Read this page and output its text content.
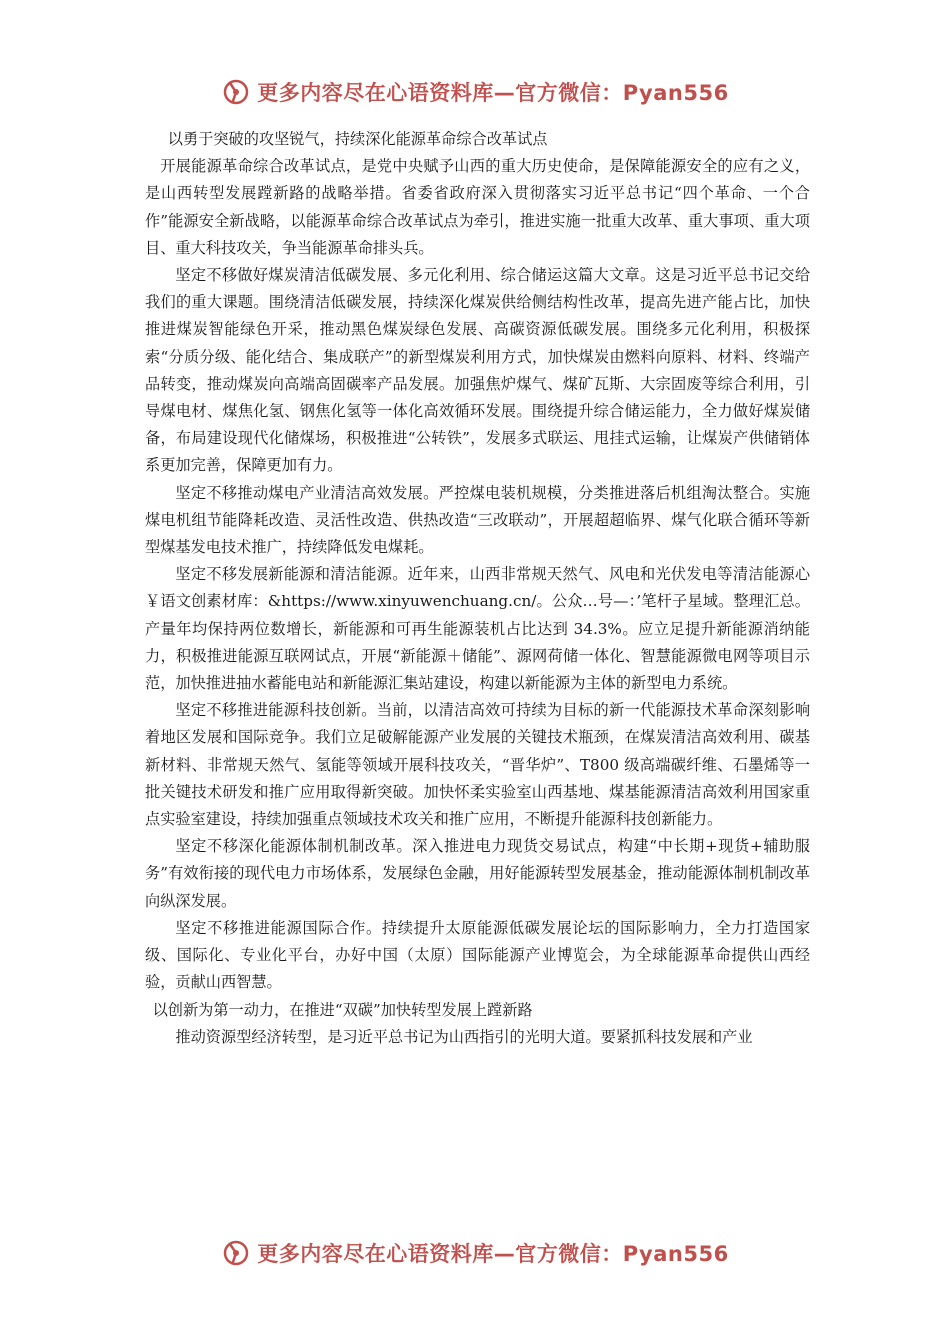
更多内容尽在心语资料库—官方微信：Pyan556

以勇于突破的攻坚锐气，持续深化能源革命综合改革试点

开展能源革命综合改革试点，是党中央赋予山西的重大历史使命，是保障能源安全的应有之义，是山西转型发展蹚新路的战略举措。省委省政府深入贯彻落实习近平总书记“四个革命、一个合作”能源安全新战略，以能源革命综合改革试点为牵引，推进实施一批重大改革、重大事项、重大项目、重大科技攻关，争当能源革命排头兵。

坚定不移做好煤炭清洁低碳发展、多元化利用、综合储运这篇大文章。这是习近平总书记交给我们的重大课题。围绕清洁低碳发展，持续深化煤炭供给侧结构性改革，提高先进产能占比，加快推进煤炭智能绿色开采，推动黑色煤炭绿色发展、高碳资源低碳发展。围绕多元化利用，积极探索“分质分级、能化结合、集成联产”的新型煤炭利用方式，加快煤炭由燃料向原料、材料、终端产品转变，推动煤炭向高端高固碳率产品发展。加强焦炉煤气、煤矿瓦斯、大宗固废等综合利用，引导煤电材、煤焦化氢、钢焦化氢等一体化高效循环发展。围绕提升综合储运能力，全力做好煤炭储备，布局建设现代化储煤场，积极推进“公转铁”，发展多式联运、甩挂式运输，让煤炭产供储销体系更加完善，保障更加有力。

坚定不移推动煤电产业清洁高效发展。严控煤电装机规模，分类推进落后机组淘汰整合。实施煤电机组节能降耗改造、灵活性改造、供热改造“三改联动”，开展超超临界、煤气化联合循环等新型煤基发电技术推广，持续降低发电煤耗。

坚定不移发展新能源和清洁能源。近年来，山西非常规天然气、风电和光伏发电等清洁能源心￥语文创素材库：&https://www.xinyuwenchuang.cn/。公众…号—：’笔杆子星域。整理汇总。产量年均保持两位数增长，新能源和可再生能源装机占比达到 34.3%。应立足提升新能源消纳能力，积极推进能源互联网试点，开展“新能源＋储能”、源网荷储一体化、智慧能源微电网等项目示范，加快推进抽水蓄能电站和新能源汇集站建设，构建以新能源为主体的新型电力系统。

坚定不移推进能源科技创新。当前，以清洁高效可持续为目标的新一代能源技术革命深刻影响着地区发展和国际竞争。我们立足破解能源产业发展的关键技术瓶颈，在煤炭清洁高效利用、碳基新材料、非常规天然气、氢能等领域开展科技攻关，“晋华炉”、T800 级高端碳纤维、石墨烯等一批关键技术研发和推广应用取得新突破。加快怀柔实验室山西基地、煤基能源清洁高效利用国家重点实验室建设，持续加强重点领域技术攻关和推广应用，不断提升能源科技创新能力。

坚定不移深化能源体制机制改革。深入推进电力现货交易试点，构建“中长期+现货+辅助服务”有效衔接的现代电力市场体系，发展绿色金融，用好能源转型发展基金，推动能源体制机制改革向纵深发展。

坚定不移推进能源国际合作。持续提升太原能源低碳发展论坛的国际影响力，全力打造国家级、国际化、专业化平台，办好中国（太原）国际能源产业博览会，为全球能源革命提供山西经验，贡献山西智慧。

以创新为第一动力，在推进“双碳”加快转型发展上蹚新路

推动资源型经济转型，是习近平总书记为山西指引的光明大道。要紧抓科技发展和产业

更多内容尽在心语资料库—官方微信：Pyan556
